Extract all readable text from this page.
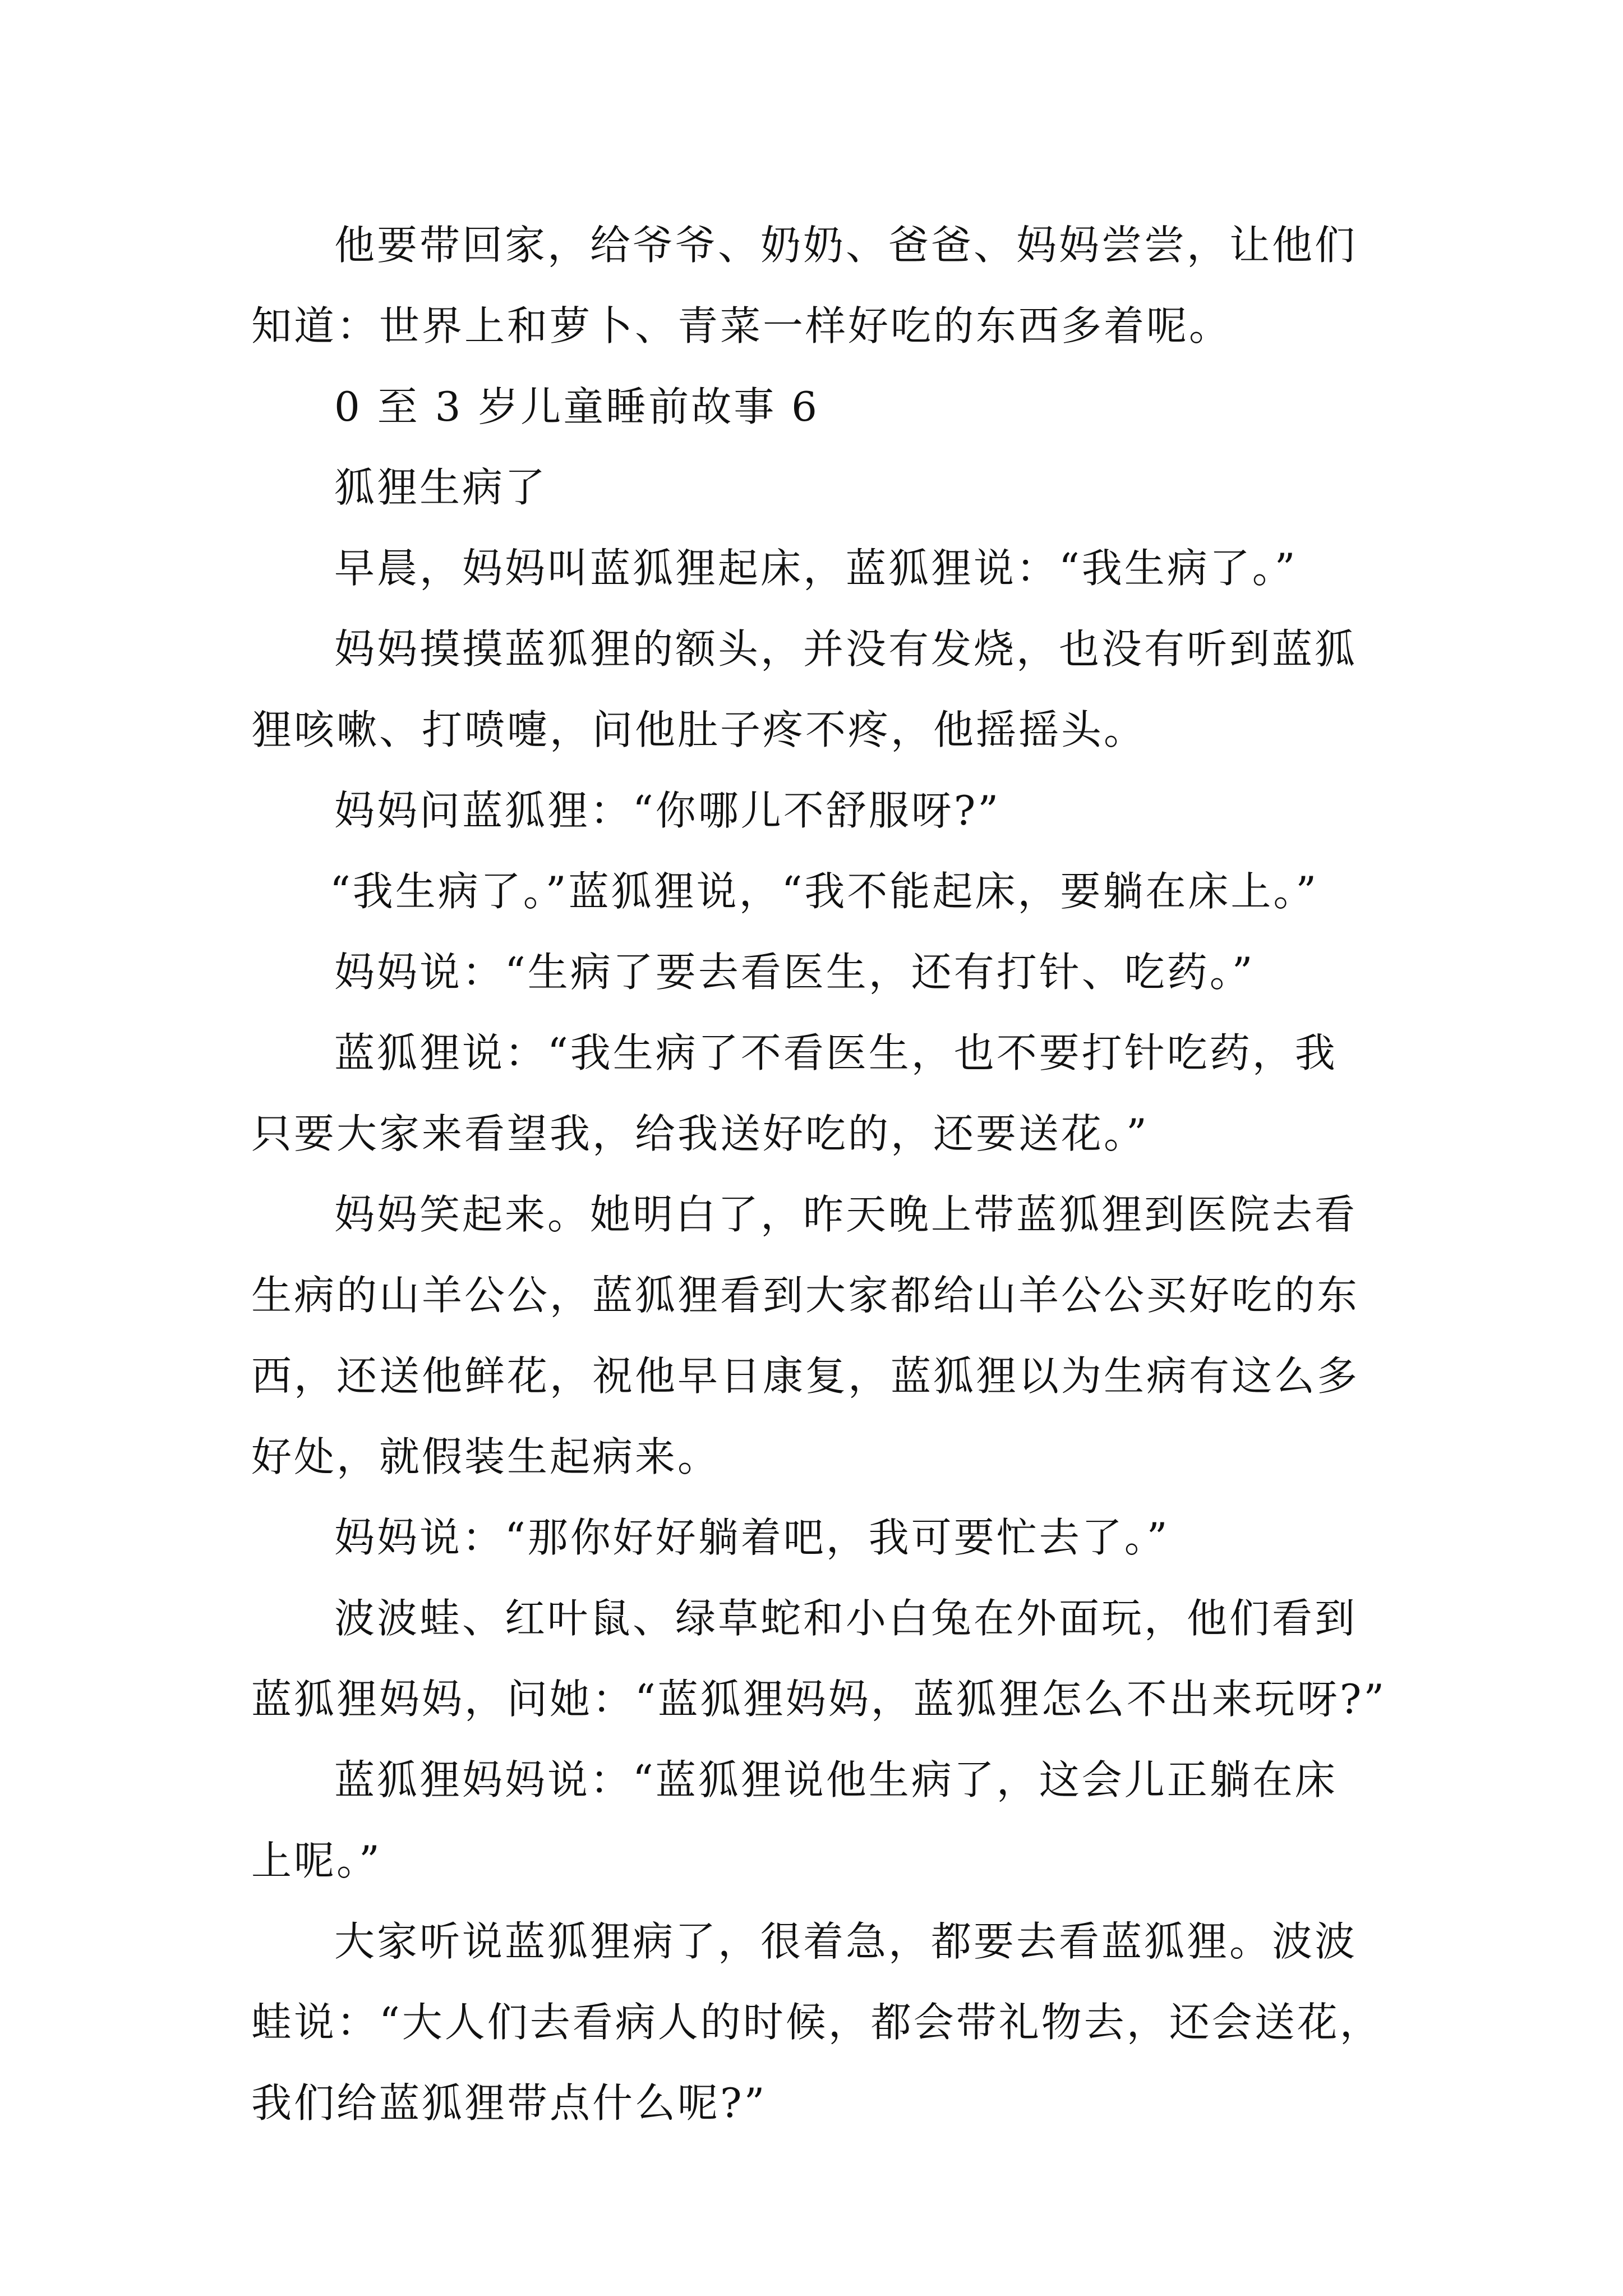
他要带回家，给爷爷、奶奶、爸爸、妈妈尝尝，让他们
知道：世界上和萝卜、青菜一样好吃的东西多着呢。
0 至 3 岁儿童睡前故事 6
狐狸生病了
早晨，妈妈叫蓝狐狸起床，蓝狐狸说：“我生病了。”
妈妈摸摸蓝狐狸的额头，并没有发烧，也没有听到蓝狐
狸咳嗽、打喷嚏，问他肚子疼不疼，他摇摇头。
妈妈问蓝狐狸：“你哪儿不舒服呀?”
“我生病了。”蓝狐狸说，“我不能起床，要躺在床上。”
妈妈说：“生病了要去看医生，还有打针、吃药。”
蓝狐狸说：“我生病了不看医生，也不要打针吃药，我
只要大家来看望我，给我送好吃的，还要送花。”
妈妈笑起来。她明白了，昨天晚上带蓝狐狸到医院去看
生病的山羊公公，蓝狐狸看到大家都给山羊公公买好吃的东
西，还送他鲜花，祝他早日康复，蓝狐狸以为生病有这么多
好处，就假装生起病来。
妈妈说：“那你好好躺着吧，我可要忙去了。”
波波蛙、红叶鼠、绿草蛇和小白兔在外面玩，他们看到
蓝狐狸妈妈，问她：“蓝狐狸妈妈，蓝狐狸怎么不出来玩呀?”
蓝狐狸妈妈说：“蓝狐狸说他生病了，这会儿正躺在床
上呢。”
大家听说蓝狐狸病了，很着急，都要去看蓝狐狸。波波
蛙说：“大人们去看病人的时候，都会带礼物去，还会送花，
我们给蓝狐狸带点什么呢?”
